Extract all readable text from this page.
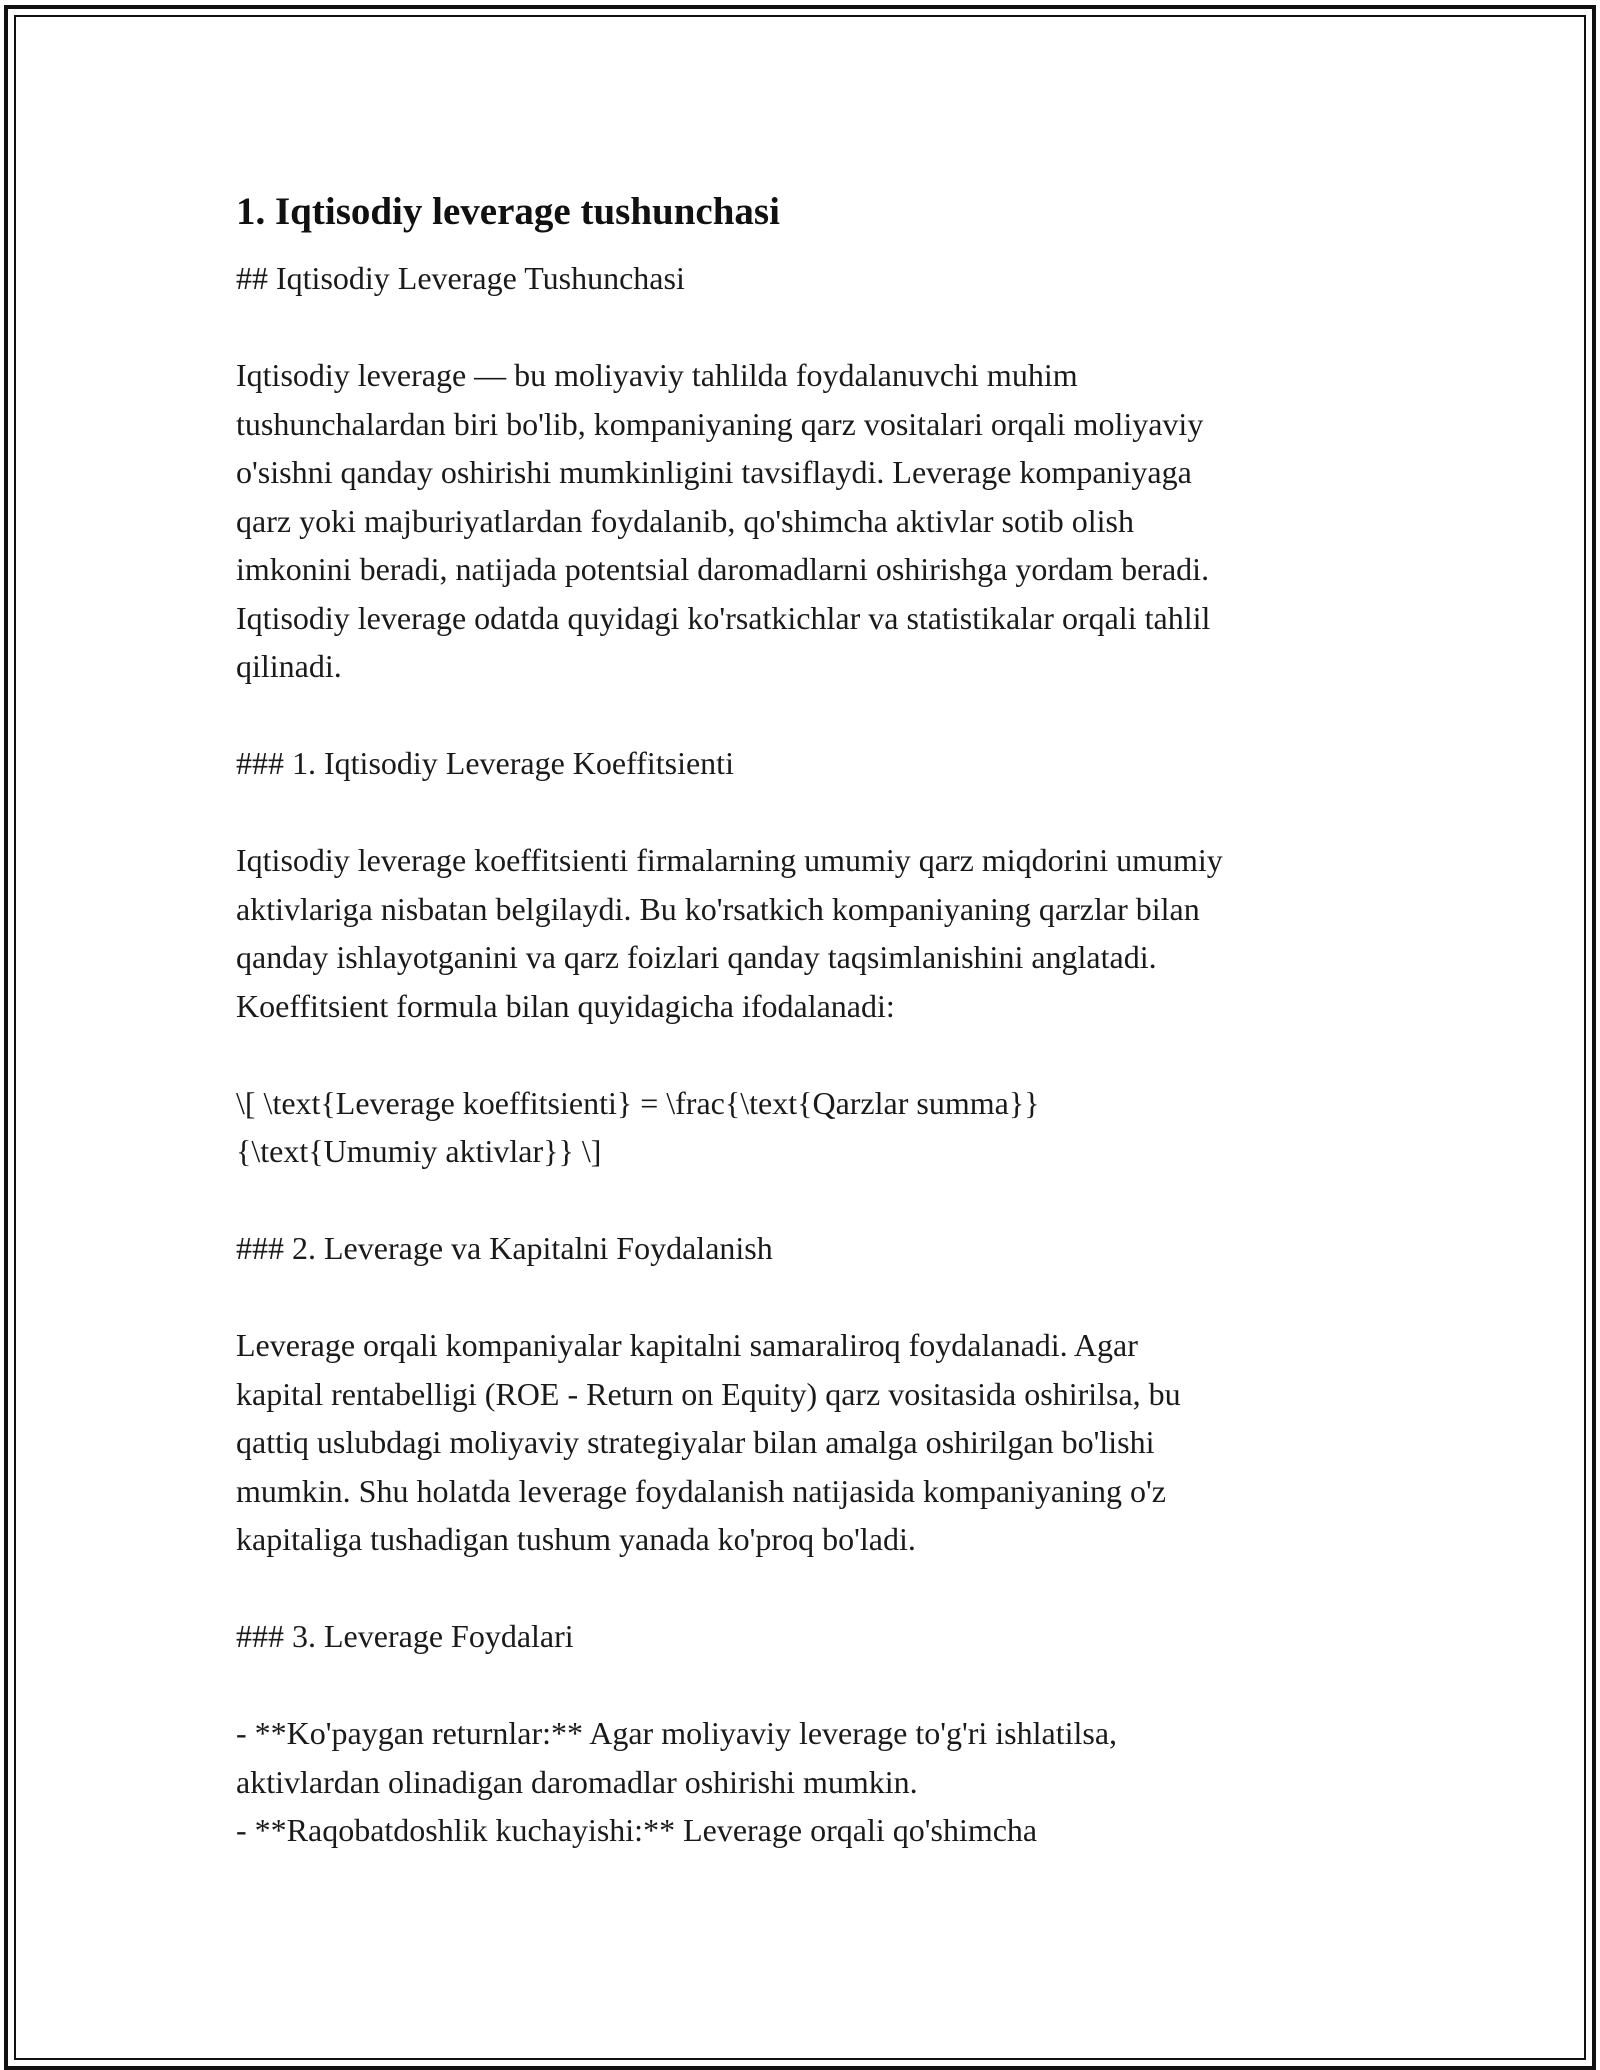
1. Iqtisodiy leverage tushunchasi
## Iqtisodiy Leverage Tushunchasi
Iqtisodiy leverage — bu moliyaviy tahlilda foydalanuvchi muhim
tushunchalardan biri bo'lib, kompaniyaning qarz vositalari orqali moliyaviy
o'sishni qanday oshirishi mumkinligini tavsiflaydi. Leverage kompaniyaga
qarz yoki majburiyatlardan foydalanib, qo'shimcha aktivlar sotib olish
imkonini beradi, natijada potentsial daromadlarni oshirishga yordam beradi.
Iqtisodiy leverage odatda quyidagi ko'rsatkichlar va statistikalar orqali tahlil
qilinadi.
### 1. Iqtisodiy Leverage Koeffitsienti
Iqtisodiy leverage koeffitsienti firmalarning umumiy qarz miqdorini umumiy
aktivlariga nisbatan belgilaydi. Bu ko'rsatkich kompaniyaning qarzlar bilan
qanday ishlayotganini va qarz foizlari qanday taqsimlanishini anglatadi.
Koeffitsient formula bilan quyidagicha ifodalanadi:
\[ \text{Leverage koeffitsienti} = \frac{\text{Qarzlar summa}}
{\text{Umumiy aktivlar}} \]
### 2. Leverage va Kapitalni Foydalanish
Leverage orqali kompaniyalar kapitalni samaraliroq foydalanadi. Agar
kapital rentabelligi (ROE - Return on Equity) qarz vositasida oshirilsa, bu
qattiq uslubdagi moliyaviy strategiyalar bilan amalga oshirilgan bo'lishi
mumkin. Shu holatda leverage foydalanish natijasida kompaniyaning o'z
kapitaliga tushadigan tushum yanada ko'proq bo'ladi.
### 3. Leverage Foydalari
- **Ko'paygan returnlar:** Agar moliyaviy leverage to'g'ri ishlatilsa,
aktivlardan olinadigan daromadlar oshirishi mumkin.
- **Raqobatdoshlik kuchayishi:** Leverage orqali qo'shimcha
